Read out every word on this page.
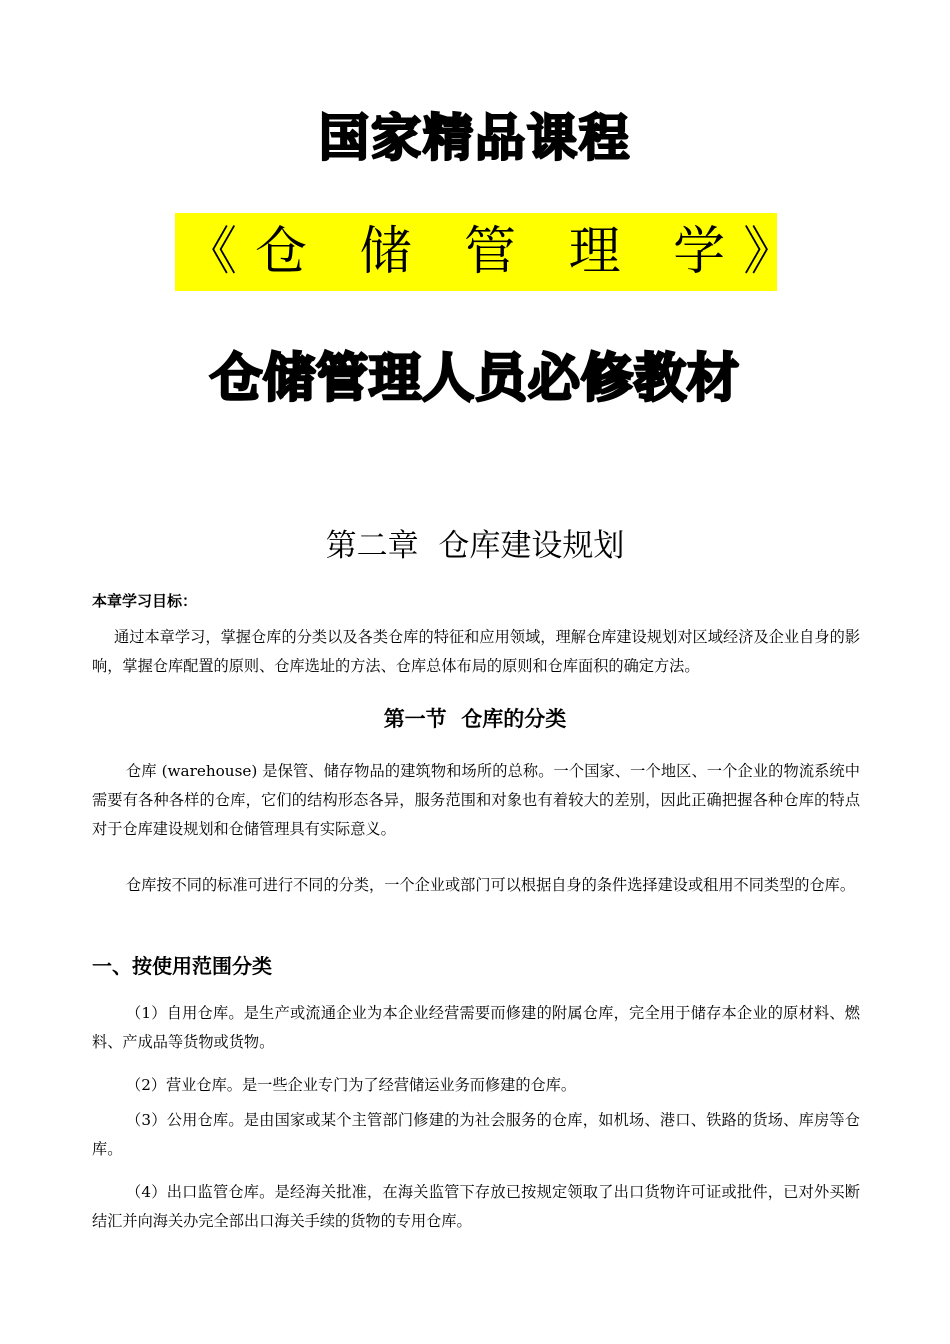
国家精品课程
《仓 储 管 理 学》
仓储管理人员必修教材
第二章  仓库建设规划
本章学习目标：
通过本章学习，掌握仓库的分类以及各类仓库的特征和应用领域，理解仓库建设规划对区域经济及企业自身的影响，掌握仓库配置的原则、仓库选址的方法、仓库总体布局的原则和仓库面积的确定方法。
第一节  仓库的分类
仓库 (warehouse) 是保管、储存物品的建筑物和场所的总称。一个国家、一个地区、一个企业的物流系统中需要有各种各样的仓库，它们的结构形态各异，服务范围和对象也有着较大的差别，因此正确把握各种仓库的特点对于仓库建设规划和仓储管理具有实际意义。
仓库按不同的标准可进行不同的分类，一个企业或部门可以根据自身的条件选择建设或租用不同类型的仓库。
一、按使用范围分类
（1）自用仓库。是生产或流通企业为本企业经营需要而修建的附属仓库，完全用于储存本企业的原材料、燃料、产成品等货物或货物。
（2）营业仓库。是一些企业专门为了经营储运业务而修建的仓库。
（3）公用仓库。是由国家或某个主管部门修建的为社会服务的仓库，如机场、港口、铁路的货场、库房等仓库。
（4）出口监管仓库。是经海关批准，在海关监管下存放已按规定领取了出口货物许可证或批件，已对外买断结汇并向海关办完全部出口海关手续的货物的专用仓库。
